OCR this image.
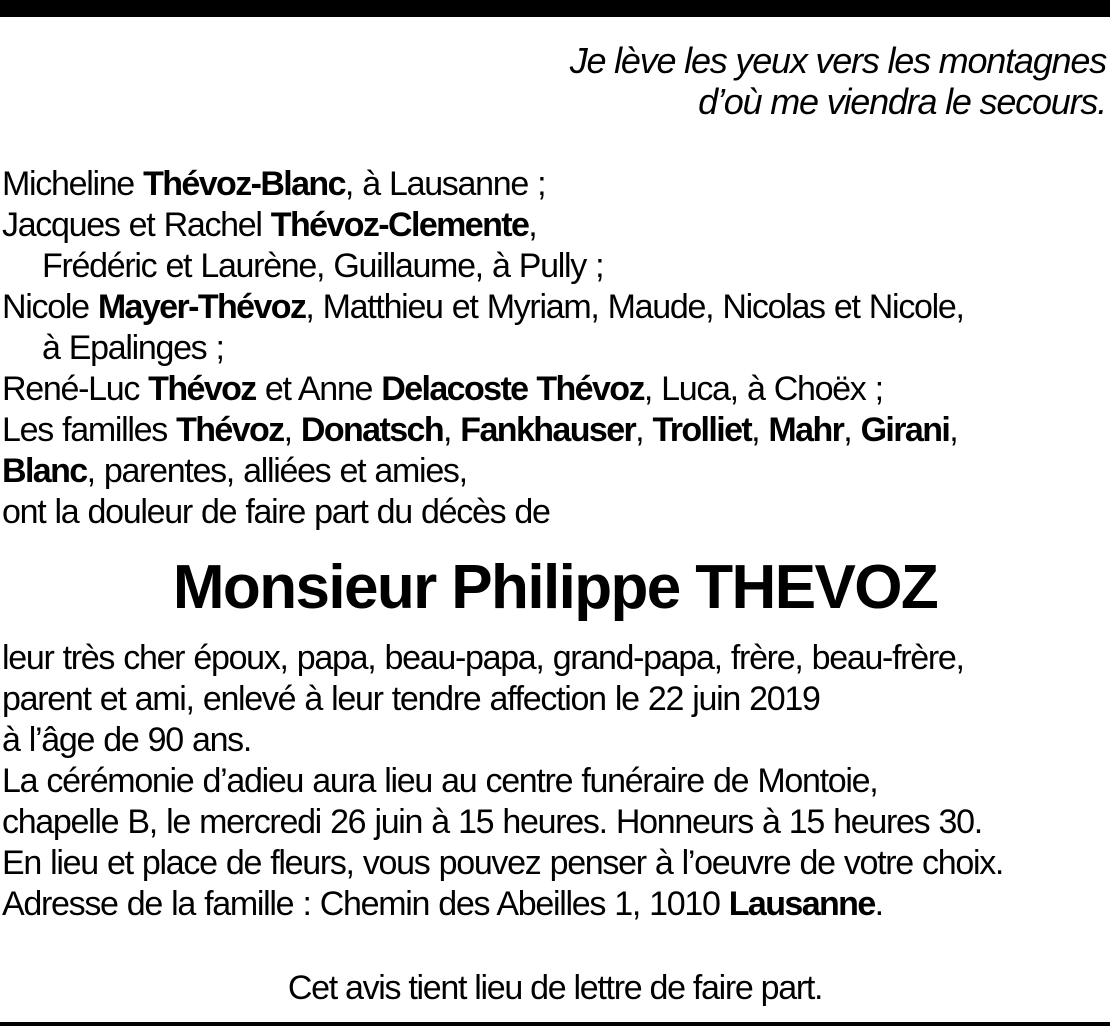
Je lève les yeux vers les montagnes
d’où me viendra le secours.
Micheline Thévoz-Blanc, à Lausanne ;
Jacques et Rachel Thévoz-Clemente,
Frédéric et Laurène, Guillaume, à Pully ;
Nicole Mayer-Thévoz, Matthieu et Myriam, Maude, Nicolas et Nicole,
à Epalinges ;
René-Luc Thévoz et Anne Delacoste Thévoz, Luca, à Choëx ;
Les familles Thévoz, Donatsch, Fankhauser, Trolliet, Mahr, Girani,
Blanc, parentes, alliées et amies,
ont la douleur de faire part du décès de
Monsieur Philippe THEVOZ
leur très cher époux, papa, beau-papa, grand-papa, frère, beau-frère,
parent et ami, enlevé à leur tendre affection le 22 juin 2019
à l’âge de 90 ans.
La cérémonie d’adieu aura lieu au centre funéraire de Montoie,
chapelle B, le mercredi 26 juin à 15 heures. Honneurs à 15 heures 30.
En lieu et place de fleurs, vous pouvez penser à l’oeuvre de votre choix.
Adresse de la famille : Chemin des Abeilles 1, 1010 Lausanne.
Cet avis tient lieu de lettre de faire part.
